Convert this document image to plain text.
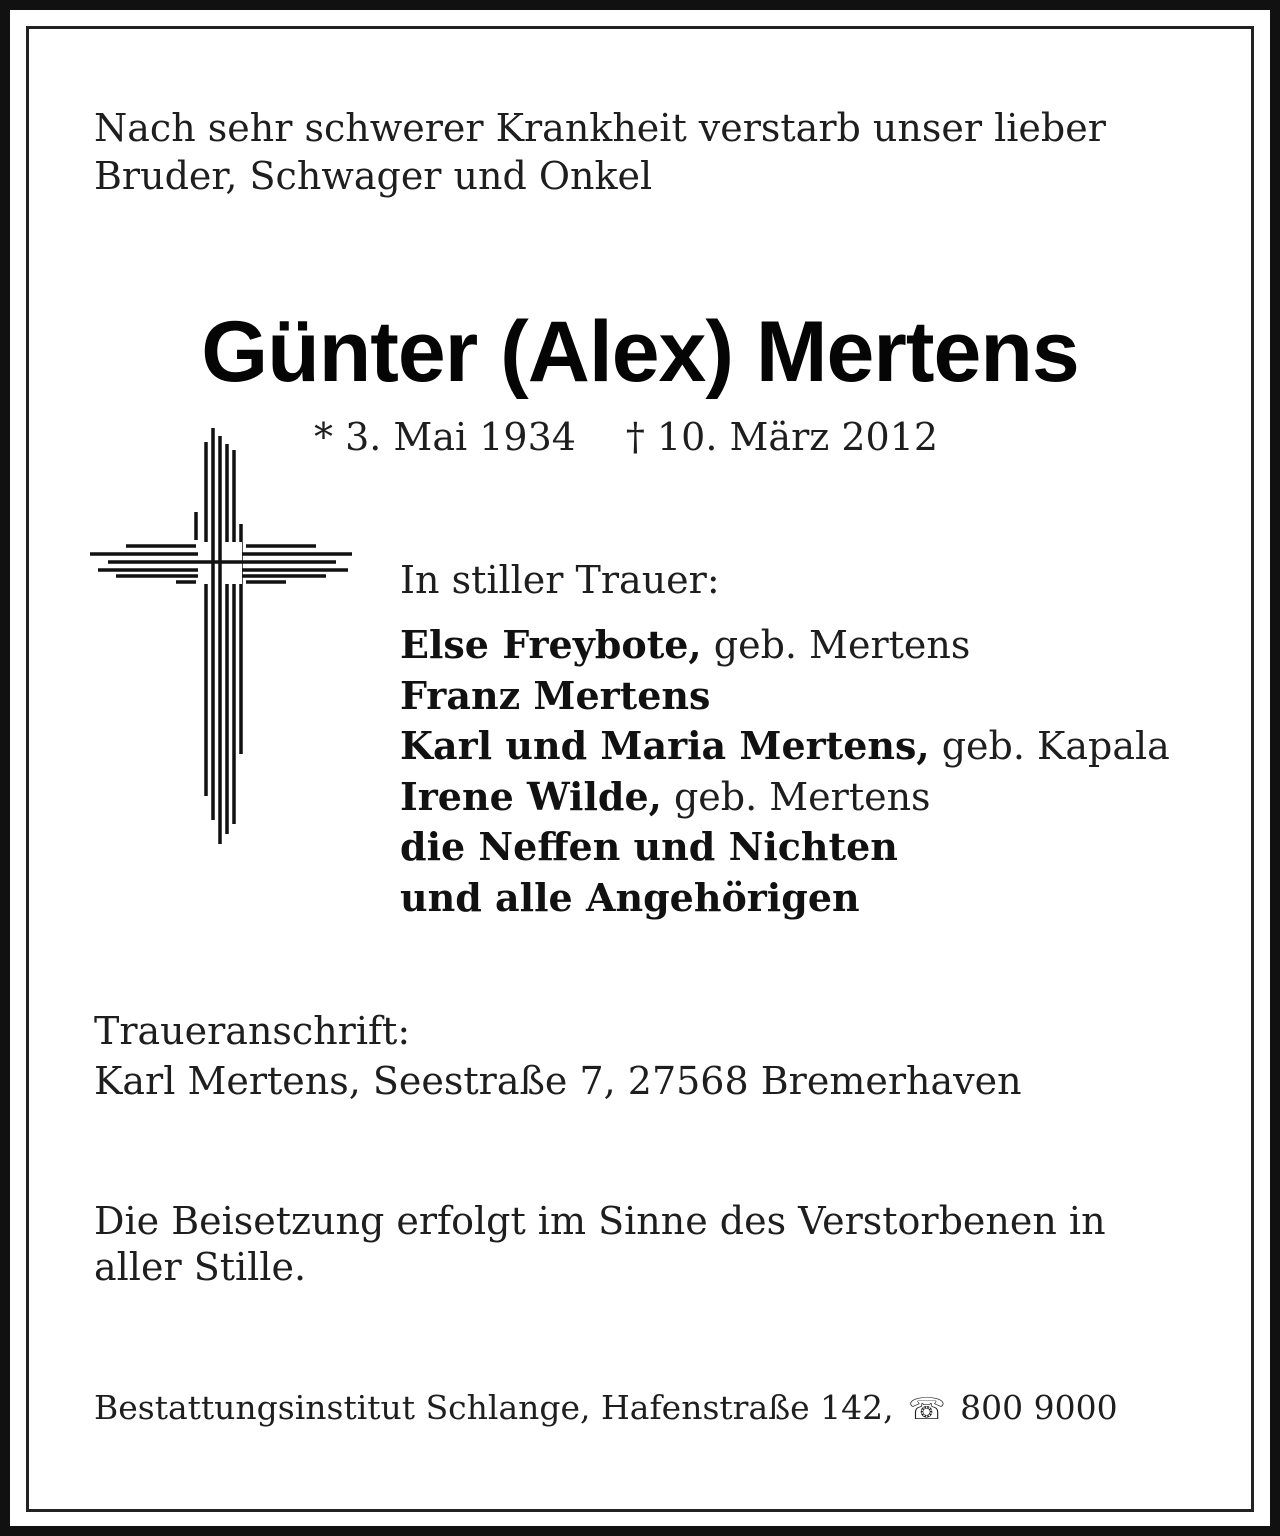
Nach sehr schwerer Krankheit verstarb unser lieber
Bruder, Schwager und Onkel
Günter (Alex) Mertens
* 3. Mai 1934 † 10. März 2012
In stiller Trauer:
Else Freybote, geb. Mertens
Franz Mertens
Karl und Maria Mertens, geb. Kapala
Irene Wilde, geb. Mertens
die Neffen und Nichten
und alle Angehörigen
Traueranschrift:
Karl Mertens, Seestraße 7, 27568 Bremerhaven
Die Beisetzung erfolgt im Sinne des Verstorbenen in
aller Stille.
Bestattungsinstitut Schlange, Hafenstraße 142, ☏ 800 9000
